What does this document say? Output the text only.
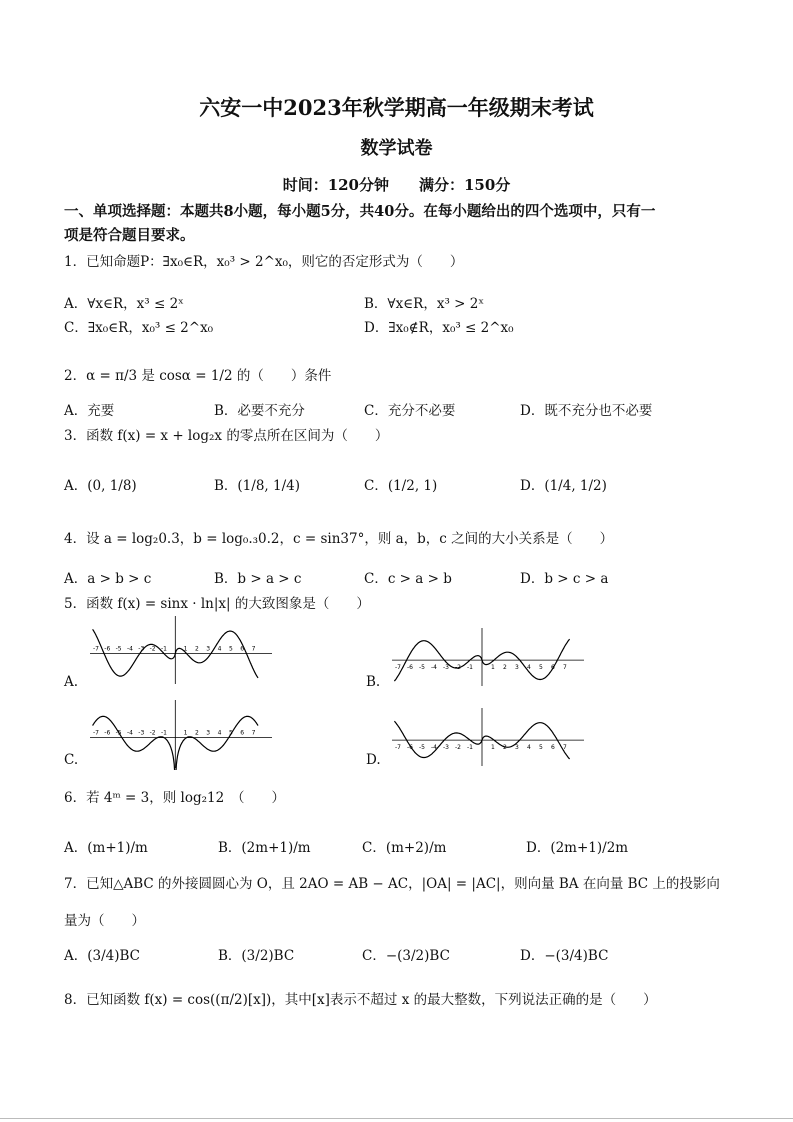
六安一中2023年秋学期高一年级期末考试
数学试卷
时间：120分钟　　满分：150分
一、单项选择题：本题共8小题，每小题5分，共40分。在每小题给出的四个选项中，只有一
项是符合题目要求。
1．已知命题P：∃x₀∈R，x₀³ > 2^x₀，则它的否定形式为（　　）
A．∀x∈R，x³ ≤ 2ˣ	B．∀x∈R，x³ > 2ˣ
C．∃x₀∈R，x₀³ ≤ 2^x₀	D．∃x₀∉R，x₀³ ≤ 2^x₀
2．α = π/3 是 cosα = 1/2 的（　　）条件
A．充要	B．必要不充分	C．充分不必要	D．既不充分也不必要
3．函数 f(x) = x + log₂x 的零点所在区间为（　　）
A．(0, 1/8)	B．(1/8, 1/4)	C．(1/2, 1)	D．(1/4, 1/2)
4．设 a = log₂0.3，b = log₀.₃0.2，c = sin37°，则 a，b，c 之间的大小关系是（　　）
A．a > b > c	B．b > a > c	C．c > a > b	D．b > c > a
5．函数 f(x) = sinx · ln|x| 的大致图象是（　　）
-7 -6 -5 -4 -3 -2 -1	1 2 3 4 5 6 7
-7 -6 -5 -4 -3 -2 -1	1 2 3 4 5 6 7
-7 -6 -5 -4 -3 -2 -1	1 2 3 4 5 6 7
-7 -6 -5 -4 -3 -2 -1	1 2 3 4 5 6 7
A.	B.
C.	D.
6．若 4ᵐ = 3，则 log₂12　（　　）
A．(m+1)/m	B．(2m+1)/m	C．(m+2)/m	D．(2m+1)/2m
7．已知△ABC 的外接圆圆心为 O，且 2AO = AB − AC，|OA| = |AC|，则向量 BA 在向量 BC 上的投影向
量为（　　）
A．(3/4)BC	B．(3/2)BC	C．−(3/2)BC	D．−(3/4)BC
8．已知函数 f(x) = cos((π/2)[x])，其中[x]表示不超过 x 的最大整数，下列说法正确的是（　　）
